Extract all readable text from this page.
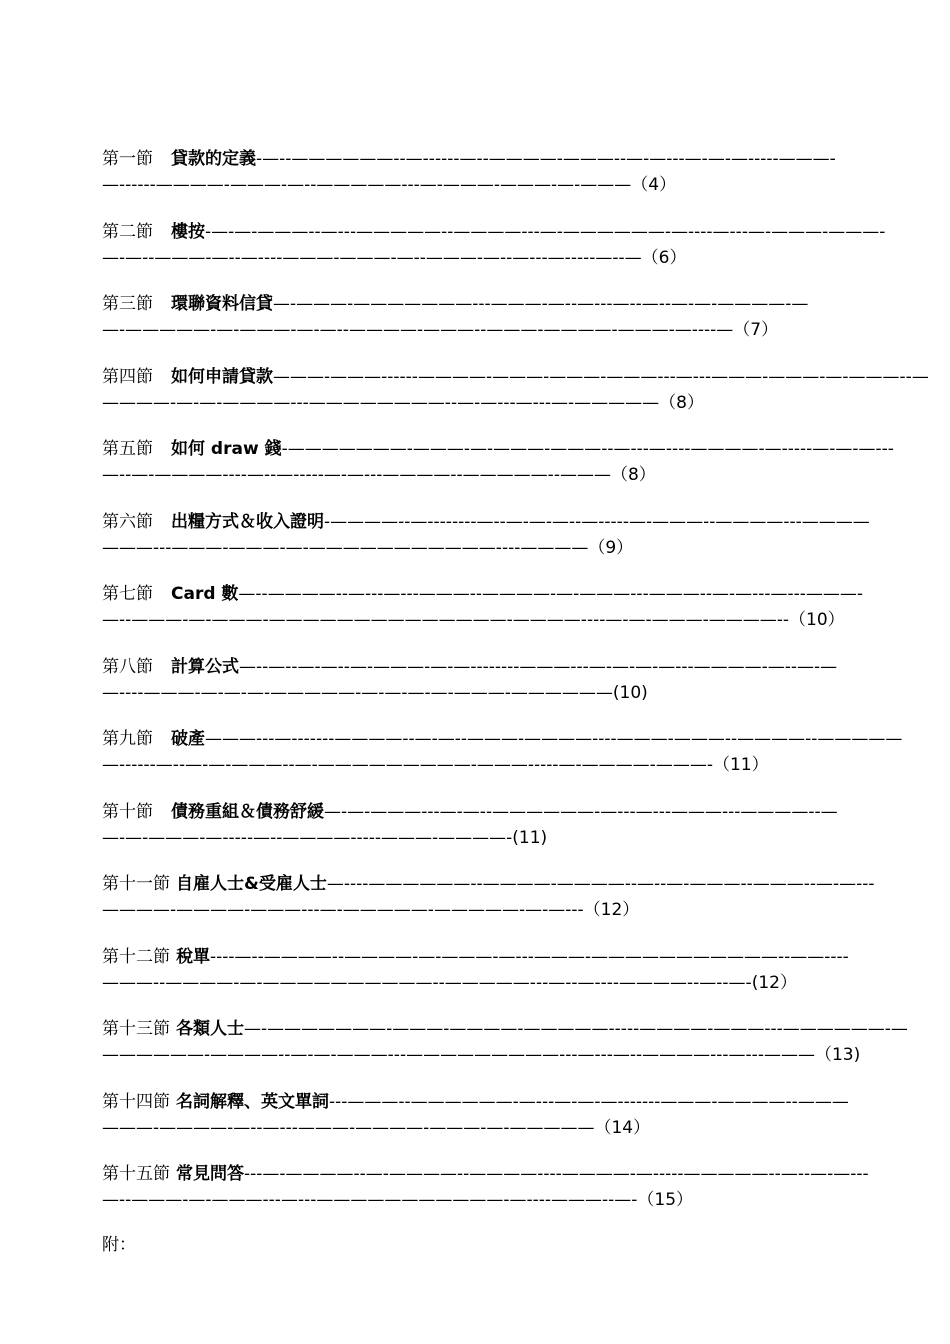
第一節 貸款的定義-—--——————--—------—--————-———--—-—---—-—-—-----———-
—------————-———-—--—————---—-———-———-—-———（4）
第二節 樓按-—-—-———--—---—————--————---—-——————-—----—---—-———-———-
—-—--———-—--—----———-———-—--———-—--—---—-----—--—（6）
第三節 環聯資料信貸—-———-———————---———-—--—---—--—--—-—-————-—
—-—————-—-———-—-—--————-———--———-————-———-—----—（7）
第四節 如何申請貸款———-———------————-———-———-———---—---———-———-—-———--—
————-—-—-————---————————--—-—---—---—-—————（8）
第五節 如何 draw 錢-———————-———-—-———-———--—---—----————-—-----—-—-—---
—--—-————----—--—-----—-—---————--—————--———（8）
第六節 出糧方式＆收入證明-————--—--------—--—-—-—--—-----—-———--————---————
———---———-———-—-———————————----————（9）
第七節 Card 數—--————--—---—---———--————-—-———---———--—-—---—---———-
—--———-—-———-——————————————-————----—-—-———-————--（10）
第八節 計算公式—--—--—-—--—-———-—-—--------———---—-—-—-—---————-—--—-—
—----———-—-—-—-—————-—-—-—-—-———-——————(10)
第九節 破產———---—-------————--—-—--———-————----———-———--————--—————
—------—--—-—-———--—-—————————-———-----—-————-———-（11）
第十節 債務重組＆債務舒緩—-—-———---—-—--——————-—---—---———---————--—
—-—-———-—-----—--————-----———-————-(11)
第十一節 自雇人士&受雇人士—----——————--————-————--—--—-———--———--—-—---
————-————-———---—-—————-—————-—-—---（12）
第十二節 稅單----—--————--————-—-———-—---———-———————————--——----
———--————-—-——————————--—————---—--—----————--—--—-(12）
第十三節 各類人士—-———————-———-————-—————-----————-———---——————-—
——————-————--—-—-———---—————————---—---—--————---—---———（13)
第十四節 名詞解釋、英文單詞---———--——————-—---—-—-—-------———-————--———
———-————-—--—---———-————-———-—-—————（14）
第十五節 常見問答---—-————--—-————--————----————-—-----—————--—--—-—---
—--———-—-———---—---———————————-—----———--—-（15）
附：
